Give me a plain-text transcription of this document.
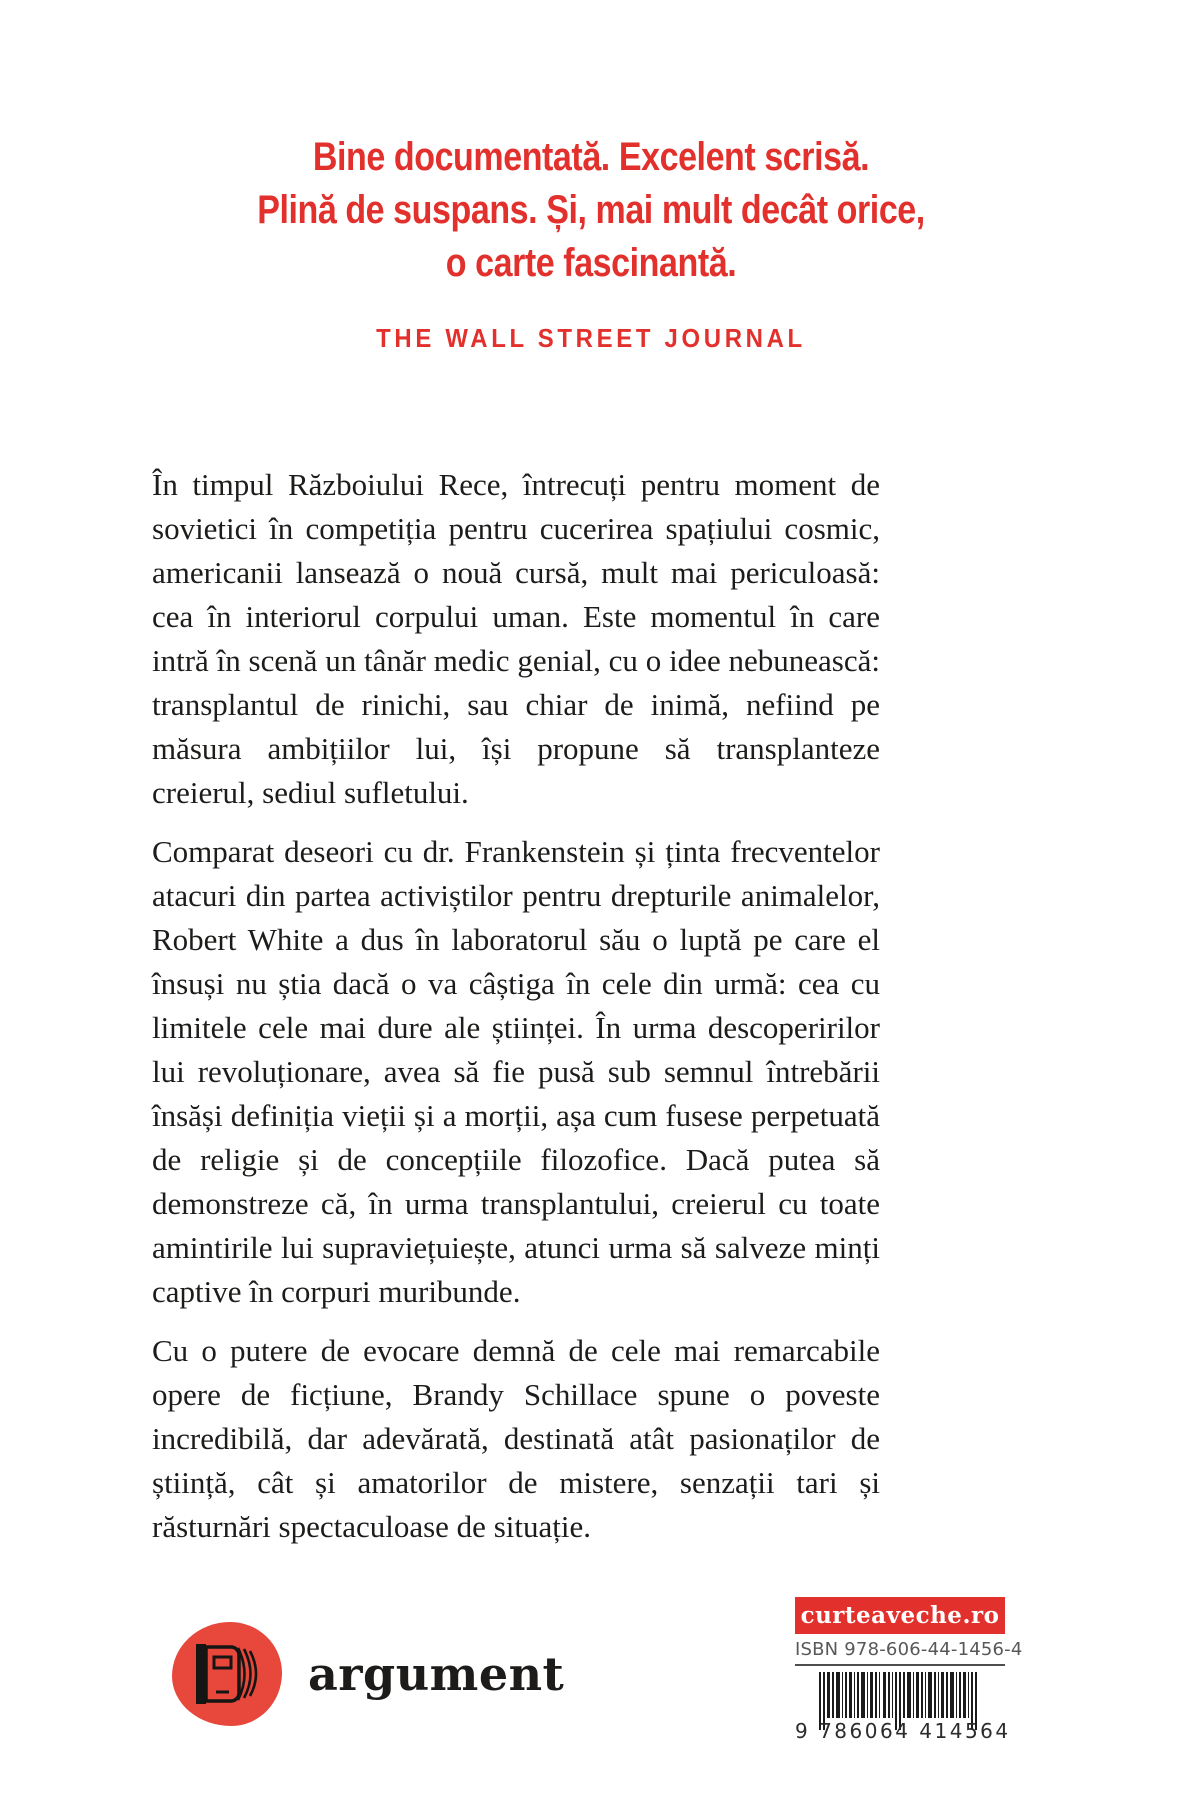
Bine documentată. Excelent scrisă.
Plină de suspans. Și, mai mult decât orice,
o carte fascinantă.
THE WALL STREET JOURNAL

În timpul Războiului Rece, întrecuți pentru moment de sovietici în competiția pentru cucerirea spațiului cosmic, americanii lansează o nouă cursă, mult mai periculoasă: cea în interiorul corpului uman. Este momentul în care intră în scenă un tânăr medic genial, cu o idee nebunească: transplantul de rinichi, sau chiar de inimă, nefiind pe măsura ambițiilor lui, își propune să transplanteze creierul, sediul sufletului.

Comparat deseori cu dr. Frankenstein și ținta frecventelor atacuri din partea activiștilor pentru drepturile animalelor, Robert White a dus în laboratorul său o luptă pe care el însuși nu știa dacă o va câștiga în cele din urmă: cea cu limitele cele mai dure ale științei. În urma descoperirilor lui revoluționare, avea să fie pusă sub semnul întrebării însăși definiția vieții și a morții, așa cum fusese perpetuată de religie și de concepțiile filozofice. Dacă putea să demonstreze că, în urma transplantului, creierul cu toate amintirile lui supraviețuiește, atunci urma să salveze minți captive în corpuri muribunde.

Cu o putere de evocare demnă de cele mai remarcabile opere de ficțiune, Brandy Schillace spune o poveste incredibilă, dar adevărată, destinată atât pasionaților de știință, cât și amatorilor de mistere, senzații tari și răsturnări spectaculoase de situație.

argument
curteaveche.ro
ISBN 978-606-44-1456-4
9 786064 414564
